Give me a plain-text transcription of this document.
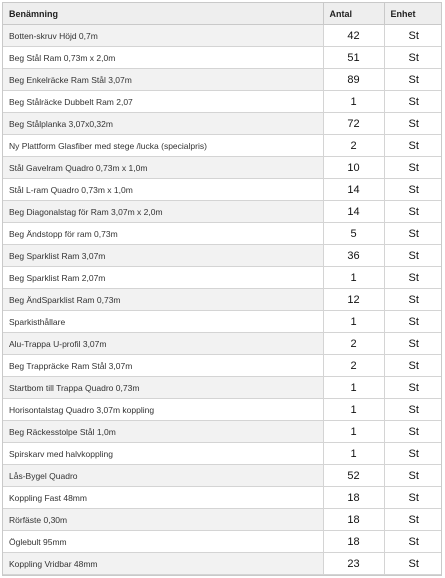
Benämning	Antal	Enhet
Botten-skruv Höjd 0,7m	42	St
Beg Stål Ram 0,73m x 2,0m	51	St
Beg Enkelräcke Ram Stål 3,07m	89	St
Beg Stålräcke Dubbelt Ram 2,07	1	St
Beg Stålplanka 3,07x0,32m	72	St
Ny Plattform Glasfiber med stege /lucka (specialpris)	2	St
Stål Gavelram Quadro 0,73m x 1,0m	10	St
Stål L-ram Quadro 0,73m x 1,0m	14	St
Beg Diagonalstag för Ram 3,07m x 2,0m	14	St
Beg Ändstopp för ram 0,73m	5	St
Beg Sparklist Ram 3,07m	36	St
Beg Sparklist Ram 2,07m	1	St
Beg ÄndSparklist Ram 0,73m	12	St
Sparkisthållare	1	St
Alu-Trappa U-profil 3,07m	2	St
Beg Trappräcke Ram Stål 3,07m	2	St
Startbom till Trappa Quadro 0,73m	1	St
Horisontalstag Quadro 3,07m koppling	1	St
Beg Räckesstolpe Stål 1,0m	1	St
Spirskarv med halvkoppling	1	St
Lås-Bygel Quadro	52	St
Koppling Fast 48mm	18	St
Rörfäste 0,30m	18	St
Öglebult 95mm	18	St
Koppling Vridbar 48mm	23	St
